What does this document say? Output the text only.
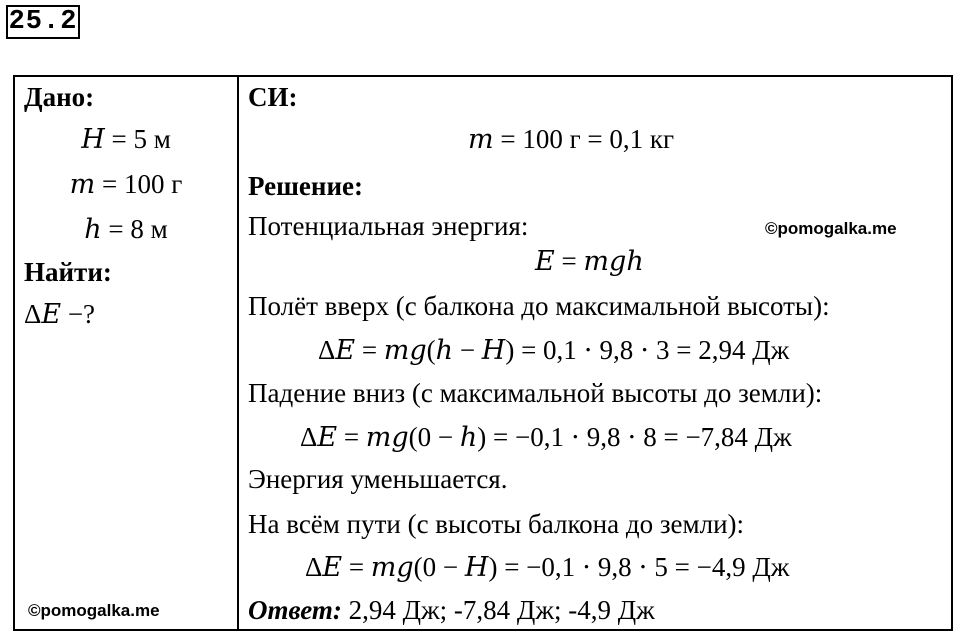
25.2
Дано:
𝐻 = 5 м
𝑚 = 100 г
ℎ = 8 м
Найти:
Δ𝐸 −?
©pomogalka.me
СИ:
𝑚 = 100 г = 0,1 кг
Решение:
Потенциальная энергия:	©pomogalka.me
𝐸 = 𝑚𝑔ℎ
Полёт вверх (с балкона до максимальной высоты):
Δ𝐸 = 𝑚𝑔(ℎ − 𝐻) = 0,1 ⋅ 9,8 ⋅ 3 = 2,94 Дж
Падение вниз (с максимальной высоты до земли):
Δ𝐸 = 𝑚𝑔(0 − ℎ) = −0,1 ⋅ 9,8 ⋅ 8 = −7,84 Дж
Энергия уменьшается.
На всём пути (с высоты балкона до земли):
Δ𝐸 = 𝑚𝑔(0 − 𝐻) = −0,1 ⋅ 9,8 ⋅ 5 = −4,9 Дж
Ответ: 2,94 Дж; -7,84 Дж; -4,9 Дж
